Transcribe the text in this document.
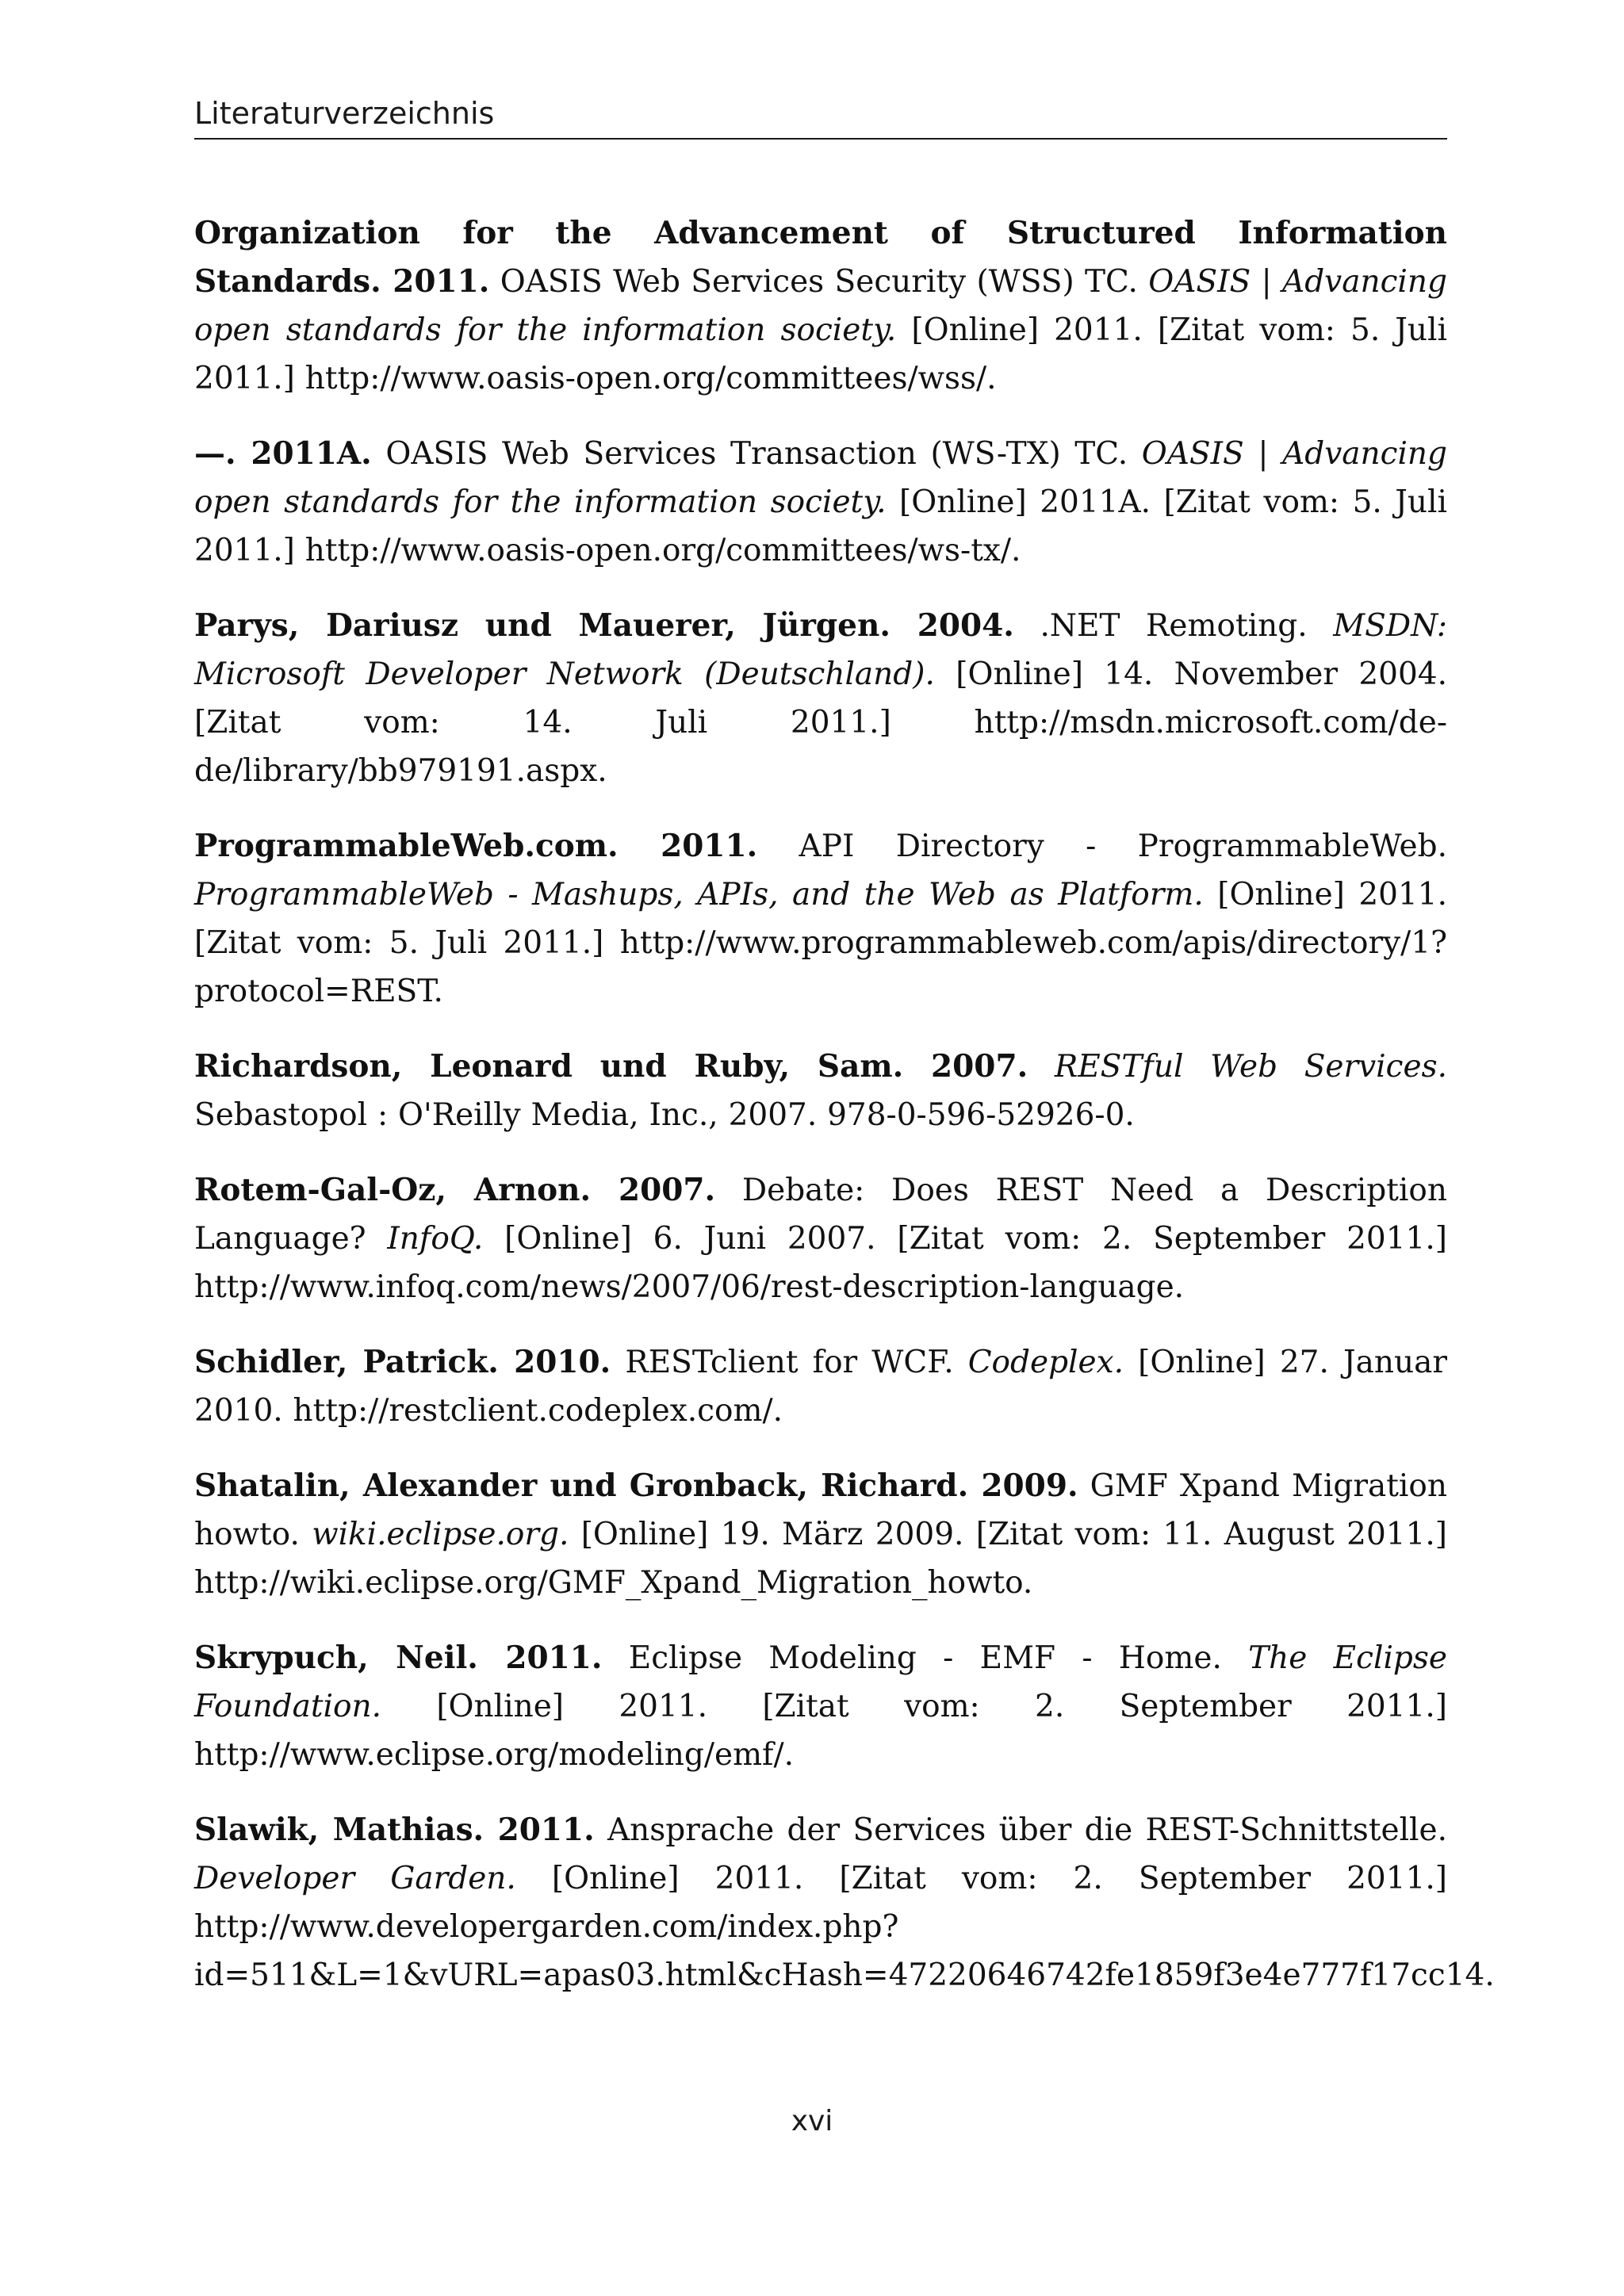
Literaturverzeichnis

Organization for the Advancement of Structured Information Standards. 2011. OASIS Web Services Security (WSS) TC. OASIS | Advancing open standards for the information society. [Online] 2011. [Zitat vom: 5. Juli 2011.] http://www.oasis-open.org/committees/wss/.

—. 2011A. OASIS Web Services Transaction (WS-TX) TC. OASIS | Advancing open standards for the information society. [Online] 2011A. [Zitat vom: 5. Juli 2011.] http://www.oasis-open.org/committees/ws-tx/.

Parys, Dariusz und Mauerer, Jürgen. 2004. .NET Remoting. MSDN: Microsoft Developer Network (Deutschland). [Online] 14. November 2004. [Zitat vom: 14. Juli 2011.] http://msdn.microsoft.com/de-de/library/bb979191.aspx.

ProgrammableWeb.com. 2011. API Directory - ProgrammableWeb. ProgrammableWeb - Mashups, APIs, and the Web as Platform. [Online] 2011. [Zitat vom: 5. Juli 2011.] http://www.programmableweb.com/apis/directory/1?protocol=REST.

Richardson, Leonard und Ruby, Sam. 2007. RESTful Web Services. Sebastopol : O'Reilly Media, Inc., 2007. 978-0-596-52926-0.

Rotem-Gal-Oz, Arnon. 2007. Debate: Does REST Need a Description Language? InfoQ. [Online] 6. Juni 2007. [Zitat vom: 2. September 2011.] http://www.infoq.com/news/2007/06/rest-description-language.

Schidler, Patrick. 2010. RESTclient for WCF. Codeplex. [Online] 27. Januar 2010. http://restclient.codeplex.com/.

Shatalin, Alexander und Gronback, Richard. 2009. GMF Xpand Migration howto. wiki.eclipse.org. [Online] 19. März 2009. [Zitat vom: 11. August 2011.] http://wiki.eclipse.org/GMF_Xpand_Migration_howto.

Skrypuch, Neil. 2011. Eclipse Modeling - EMF - Home. The Eclipse Foundation. [Online] 2011. [Zitat vom: 2. September 2011.] http://www.eclipse.org/modeling/emf/.

Slawik, Mathias. 2011. Ansprache der Services über die REST-Schnittstelle. Developer Garden. [Online] 2011. [Zitat vom: 2. September 2011.] http://www.developergarden.com/index.php?id=511&L=1&vURL=apas03.html&cHash=47220646742fe1859f3e4e777f17cc14.

xvi
